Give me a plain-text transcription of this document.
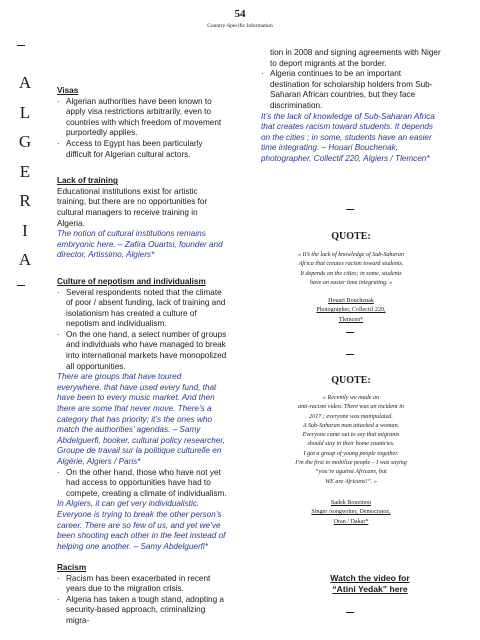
54
Country-Specific Information
A
L
G
E
R
I
A
Visas
· Algerian authorities have been known to apply visa restrictions arbitrarily, even to countries with which freedom of movement purportedly applies.
· Access to Egypt has been particularly difficult for Algerian cultural actors.
Lack of training
Educational institutions exist for artistic training, but there are no opportunities for cultural managers to receive training in Algeria.
The notion of cultural institutions remains embryonic here. – Zafira Ouartsi, founder and director, Artissimo, Algiers*
Culture of nepotism and individualism
· Several respondents noted that the climate of poor / absent funding, lack of training and isolationism has created a culture of nepotism and individualism.
· On the one hand, a select number of groups and individuals who have managed to break into international markets have monopolized all opportunities.
There are groups that have toured everywhere, that have used every fund, that have been to every music market. And then there are some that never move. There’s a category that has priority; it’s the ones who match the authorities’ agendas. – Samy Abdelguerfi, booker, cultural policy researcher, Groupe de travail sur la politique culturelle en Algérie, Algiers / Paris*
· On the other hand, those who have not yet had access to opportunities have had to compete, creating a climate of individualism.
In Algiers, it can get very individualistic. Everyone is trying to break the other person’s career. There are so few of us, and yet we’ve been shooting each other in the feet instead of helping one another. – Samy Abdelguerfi*
Racism
· Racism has been exacerbated in recent years due to the migration crisis.
· Algeria has taken a tough stand, adopting a security-based approach, criminalizing migra-
tion in 2008 and signing agreements with Niger to deport migrants at the border.
· Algeria continues to be an important destination for scholarship holders from Sub-Saharan African countries, but they face discrimination.
It’s the lack of knowledge of Sub-Saharan Africa that creates racism toward students. It depends on the cities ; in some, students have an easier time integrating. – Houari Bouchenak, photographer, Collectif 220, Algiers / Tlemcen*
QUOTE:
« It’s the lack of knowledge of Sub-Saharan
Africa that creates racism toward students.
It depends on the cities; in some, students
have an easier time integrating. »
Houari Bouchenak
Photographer, Collectif 220,
Tlemcen*
QUOTE:
« Recently we made an
anti-racism video. There was an incident in
2017 ; everyone was manipulated.
A Sub-Saharan man attacked a woman.
Everyone came out to say that migrants
should stay in their home countries.
I got a group of young people together.
I’m the first to mobilize people – I was saying
“you’re against Africans, but
WE are Africans!”. »
Sadek Bouzinou
Singer /songwriter, Democratoz,
Oran / Dakar*
Watch the video for
“Atini Yedak” here
